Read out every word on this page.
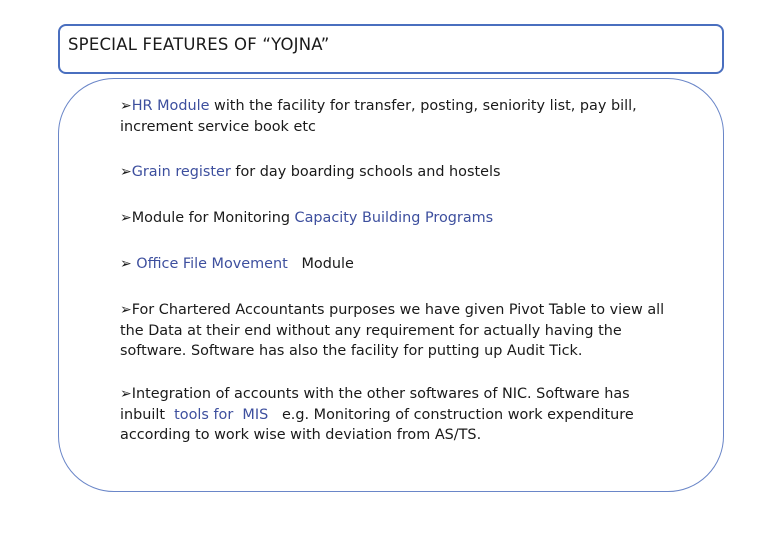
SPECIAL FEATURES OF “YOJNA”
➢HR Module with the facility for transfer, posting, seniority list, pay bill,
increment service book etc
➢Grain register for day boarding schools and hostels
➢Module for Monitoring Capacity Building Programs
➢ Office File Movement   Module
➢For Chartered Accountants purposes we have given Pivot Table to view all
the Data at their end without any requirement for actually having the
software. Software has also the facility for putting up Audit Tick.
➢Integration of accounts with the other softwares of NIC. Software has
inbuilt  tools for  MIS   e.g. Monitoring of construction work expenditure
according to work wise with deviation from AS/TS.
